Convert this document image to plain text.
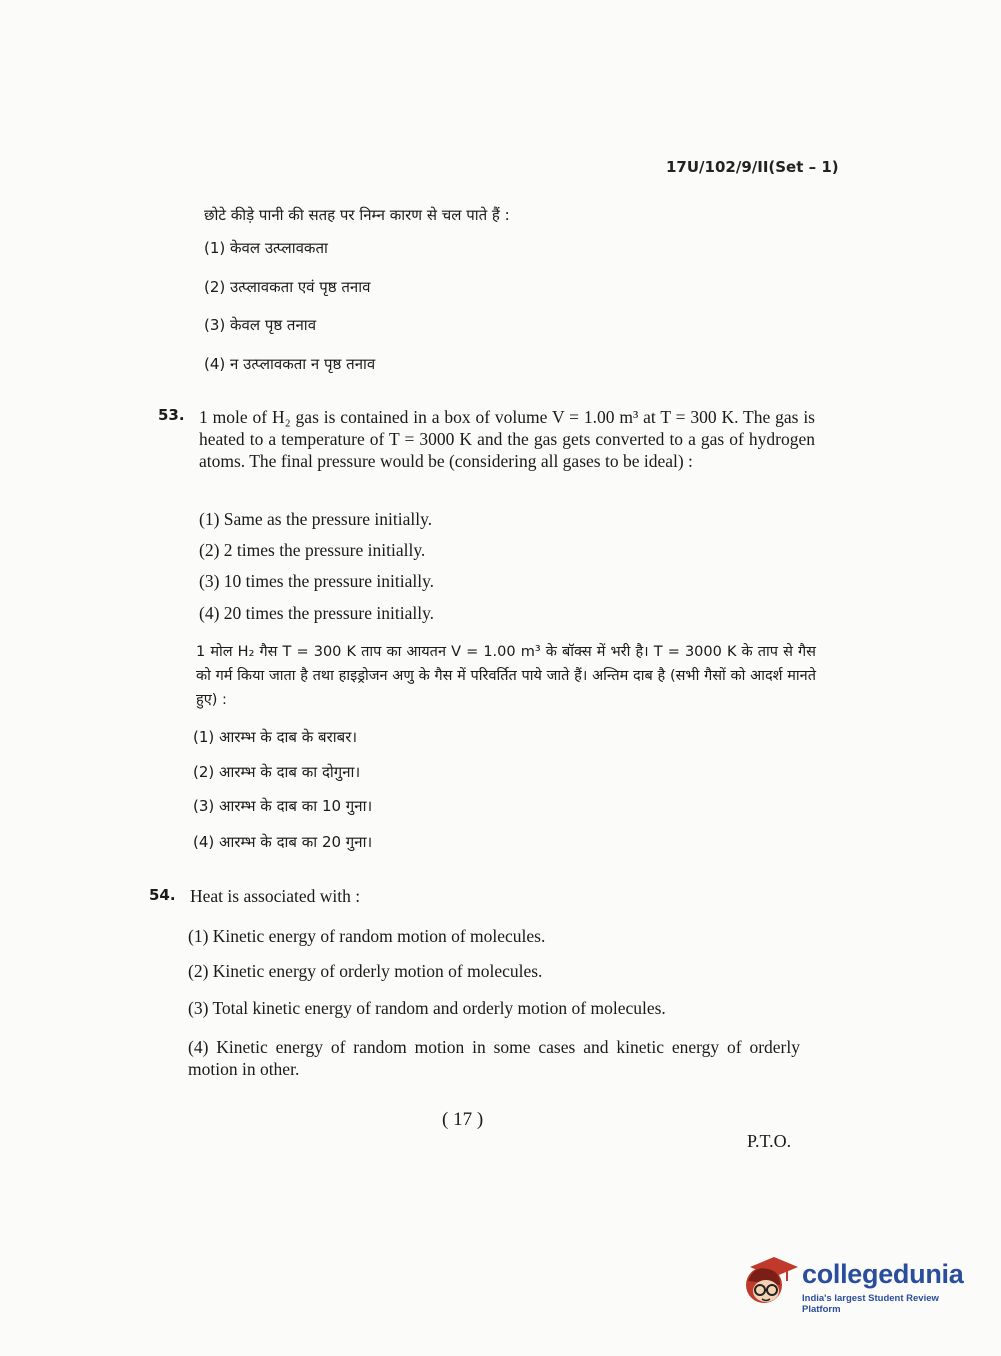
17U/102/9/II(Set – 1)
छोटे कीड़े पानी की सतह पर निम्न कारण से चल पाते हैं :
(1) केवल उत्प्लावकता
(2) उत्प्लावकता एवं पृष्ठ तनाव
(3) केवल पृष्ठ तनाव
(4) न उत्प्लावकता न पृष्ठ तनाव
53. 1 mole of H₂ gas is contained in a box of volume V = 1.00 m³ at T = 300 K. The gas is heated to a temperature of T = 3000 K and the gas gets converted to a gas of hydrogen atoms. The final pressure would be (considering all gases to be ideal) :
(1) Same as the pressure initially.
(2) 2 times the pressure initially.
(3) 10 times the pressure initially.
(4) 20 times the pressure initially.
1 मोल H₂ गैस T = 300 K ताप का आयतन V = 1.00 m³ के बॉक्स में भरी है। T = 3000 K के ताप से गैस को गर्म किया जाता है तथा हाइड्रोजन अणु के गैस में परिवर्तित पाये जाते हैं। अन्तिम दाब है (सभी गैसों को आदर्श मानते हुए) :
(1) आरम्भ के दाब के बराबर।
(2) आरम्भ के दाब का दोगुना।
(3) आरम्भ के दाब का 10 गुना।
(4) आरम्भ के दाब का 20 गुना।
54. Heat is associated with :
(1) Kinetic energy of random motion of molecules.
(2) Kinetic energy of orderly motion of molecules.
(3) Total kinetic energy of random and orderly motion of molecules.
(4) Kinetic energy of random motion in some cases and kinetic energy of orderly motion in other.
( 17 )
P.T.O.
collegedunia
India's largest Student Review Platform
